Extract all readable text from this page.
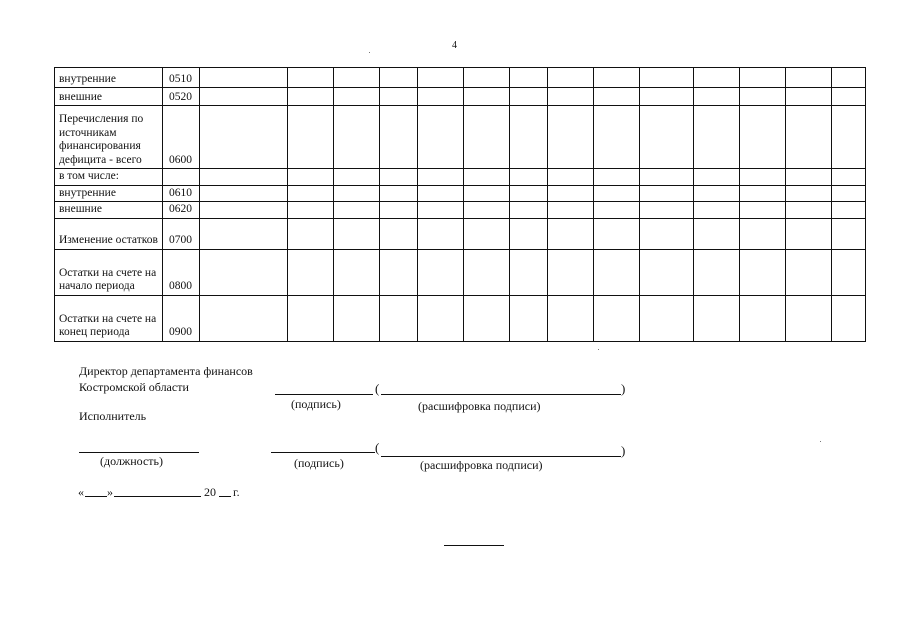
4
внутренние	0510														
внешние	0520														
Перечисления по источникам финансирования дефицита - всего	0600														
в том числе:															
внутренние	0610														
внешние	0620														
Изменение остатков	0700														
Остатки на счете на начало периода	0800														
Остатки на счете на конец периода	0900														
Директор департамента финансов
Костромской области	(	)
(подпись)	(расшифровка подписи)
Исполнитель
(	)
(должность)	(подпись)	(расшифровка подписи)
« »	20 г.
